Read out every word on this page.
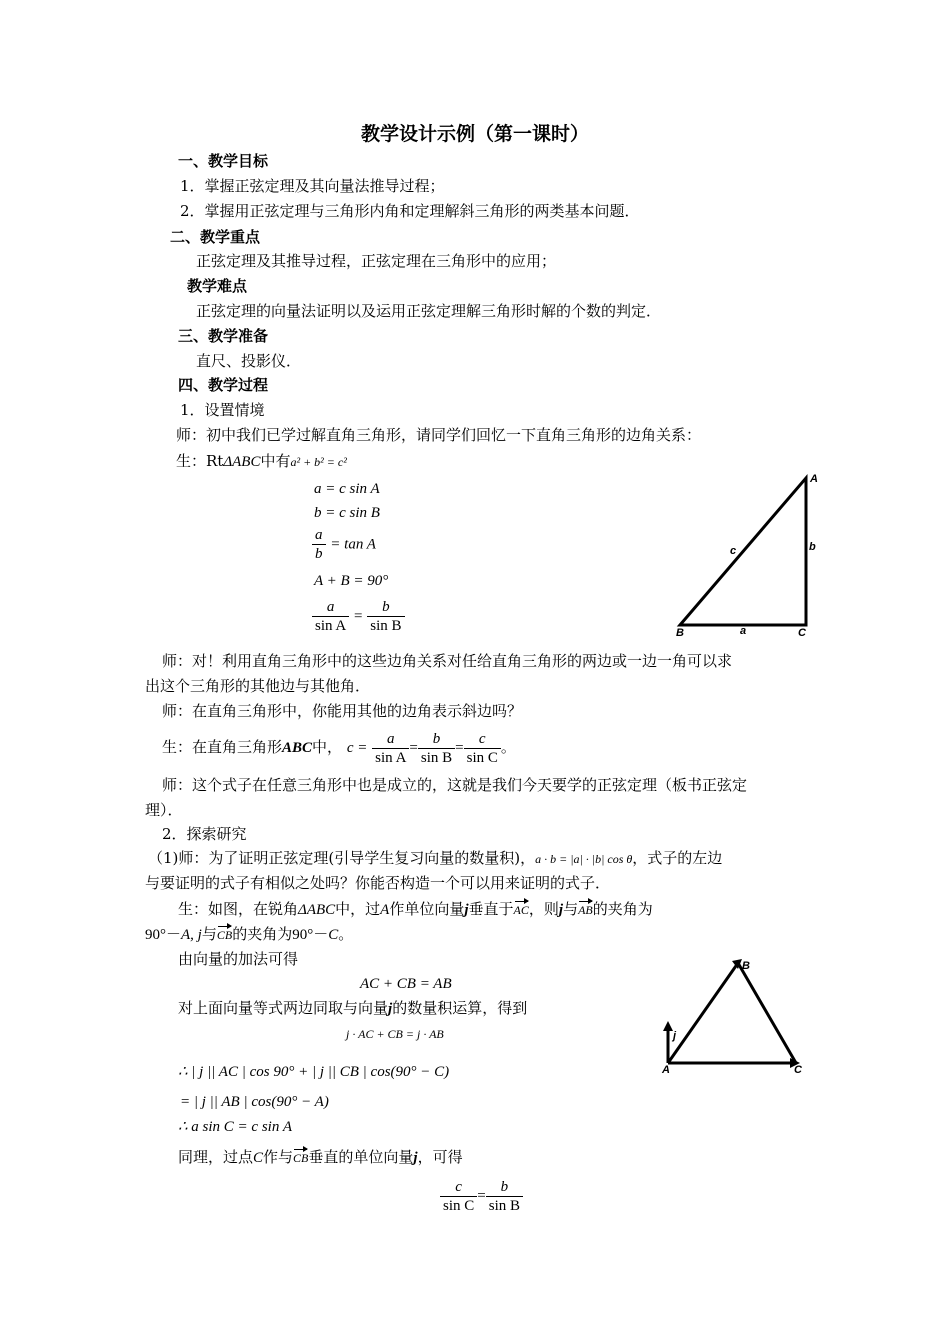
教学设计示例（第一课时）
一、教学目标
1．掌握正弦定理及其向量法推导过程；
2．掌握用正弦定理与三角形内角和定理解斜三角形的两类基本问题．
二、教学重点
正弦定理及其推导过程，正弦定理在三角形中的应用；
教学难点
正弦定理的向量法证明以及运用正弦定理解三角形时解的个数的判定．
三、教学准备
直尺、投影仪．
四、教学过程
1．设置情境
师：初中我们已学过解直角三角形，请同学们回忆一下直角三角形的边角关系：
生：RtΔABC中有a² + b² = c²
a = c sin A
b = c sin B
$\frac{a}{b} = \tan A$
A + B = 90°
$\frac{a}{\text{sin A}} = \frac{b}{\text{sin B}}$
A
B	C
a
b
c
师：对！利用直角三角形中的这些边角关系对任给直角三角形的两边或一边一角可以求
出这个三角形的其他边与其他角．
师：在直角三角形中，你能用其他的边角表示斜边吗？
生：在直角三角形ABC中， $c = \frac{a}{\text{sin A}} = \frac{b}{\text{sin B}} = \frac{c}{\text{sin C}}$ 。
师：这个式子在任意三角形中也是成立的，这就是我们今天要学的正弦定理（板书正弦定
理）．
2．探索研究
（1)师：为了证明正弦定理(引导学生复习向量的数量积)，a · b = |a| · |b| cos θ，式子的左边
与要证明的式子有相似之处吗？你能否构造一个可以用来证明的式子．
生：如图，在锐角ΔABC中，过A作单位向量j垂直于AC，则j与AB的夹角为
90°－A, j与CB的夹角为90°－C。
由向量的加法可得
AC + CB = AB
对上面向量等式两边同取与向量j的数量积运算，得到
j · AC + CB = j · AB
∴ | j || AC | cos 90° + | j || CB | cos(90° − C)
= | j || AB | cos(90° − A)
∴ a sin C = c sin A
B
A	C
j
同理，过点C作与CB垂直的单位向量j，可得
$\frac{c}{\text{sin C}} = \frac{b}{\text{sin B}}$
